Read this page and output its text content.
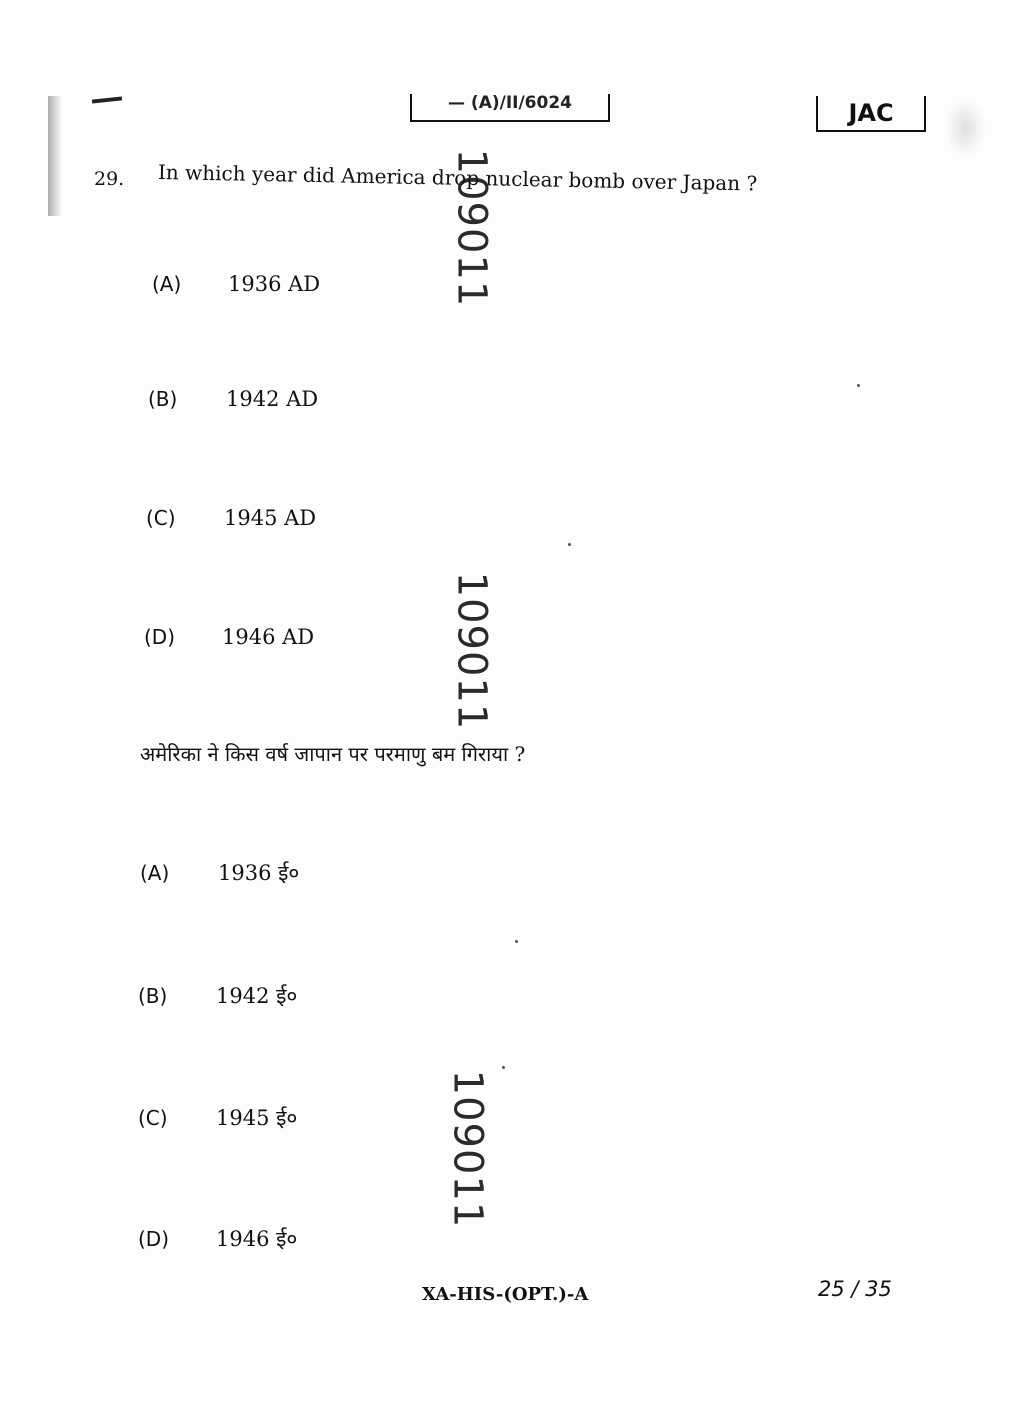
— (A)/II/6024	JAC
29. In which year did America drop nuclear bomb over Japan ?
(A) 1936 AD
(B) 1942 AD
(C) 1945 AD
(D) 1946 AD
अमेरिका ने किस वर्ष जापान पर परमाणु बम गिराया ?
(A) 1936 ई०
(B) 1942 ई०
(C) 1945 ई०
(D) 1946 ई०
109011
109011
109011
XA-HIS-(OPT.)-A	25 / 35
